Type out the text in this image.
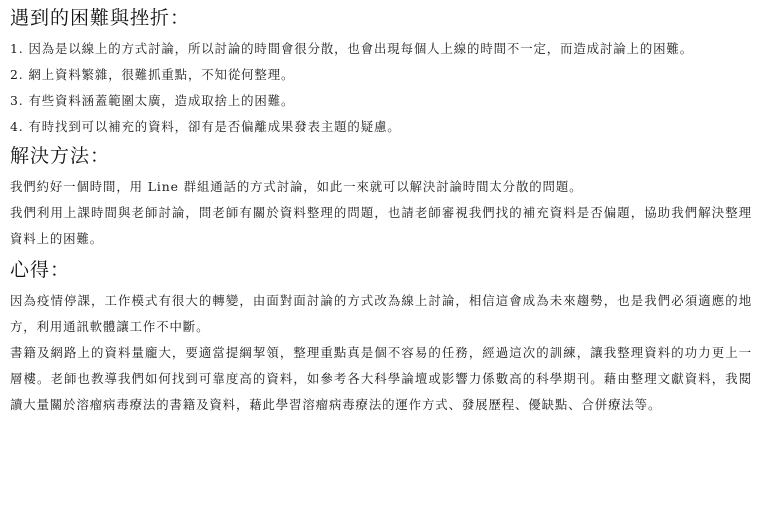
遇到的困難與挫折：
1. 因為是以線上的方式討論，所以討論的時間會很分散，也會出現每個人上線的時間不一定，而造成討論上的困難。
2. 網上資料繁雜，很難抓重點，不知從何整理。
3. 有些資料涵蓋範圍太廣，造成取捨上的困難。
4. 有時找到可以補充的資料，卻有是否偏離成果發表主題的疑慮。
解決方法：

我們約好一個時間，用 Line 群組通話的方式討論，如此一來就可以解決討論時間太分散的問題。

我們利用上課時間與老師討論，問老師有關於資料整理的問題，也請老師審視我們找的補充資料是否偏題，協助我們解決整理資料上的困難。

心得：

因為疫情停課，工作模式有很大的轉變，由面對面討論的方式改為線上討論，相信這會成為未來趨勢，也是我們必須適應的地方，利用通訊軟體讓工作不中斷。

書籍及網路上的資料量龐大，要適當提綱挈領，整理重點真是個不容易的任務，經過這次的訓練，讓我整理資料的功力更上一層樓。老師也教導我們如何找到可靠度高的資料，如參考各大科學論壇或影響力係數高的科學期刊。藉由整理文獻資料，我閱讀大量關於溶瘤病毒療法的書籍及資料，藉此學習溶瘤病毒療法的運作方式、發展歷程、優缺點、合併療法等。
